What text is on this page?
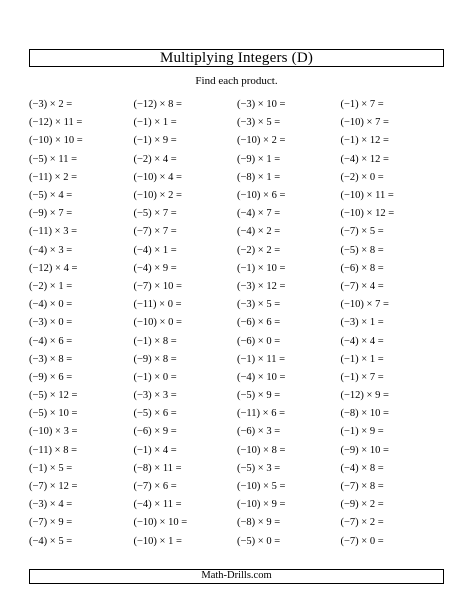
Multiplying Integers (D)
Find each product.
(−3) × 2 =	(−12) × 8 =	(−3) × 10 =	(−1) × 7 =
(−12) × 11 =	(−1) × 1 =	(−3) × 5 =	(−10) × 7 =
(−10) × 10 =	(−1) × 9 =	(−10) × 2 =	(−1) × 12 =
(−5) × 11 =	(−2) × 4 =	(−9) × 1 =	(−4) × 12 =
(−11) × 2 =	(−10) × 4 =	(−8) × 1 =	(−2) × 0 =
(−5) × 4 =	(−10) × 2 =	(−10) × 6 =	(−10) × 11 =
(−9) × 7 =	(−5) × 7 =	(−4) × 7 =	(−10) × 12 =
(−11) × 3 =	(−7) × 7 =	(−4) × 2 =	(−7) × 5 =
(−4) × 3 =	(−4) × 1 =	(−2) × 2 =	(−5) × 8 =
(−12) × 4 =	(−4) × 9 =	(−1) × 10 =	(−6) × 8 =
(−2) × 1 =	(−7) × 10 =	(−3) × 12 =	(−7) × 4 =
(−4) × 0 =	(−11) × 0 =	(−3) × 5 =	(−10) × 7 =
(−3) × 0 =	(−10) × 0 =	(−6) × 6 =	(−3) × 1 =
(−4) × 6 =	(−1) × 8 =	(−6) × 0 =	(−4) × 4 =
(−3) × 8 =	(−9) × 8 =	(−1) × 11 =	(−1) × 1 =
(−9) × 6 =	(−1) × 0 =	(−4) × 10 =	(−1) × 7 =
(−5) × 12 =	(−3) × 3 =	(−5) × 9 =	(−12) × 9 =
(−5) × 10 =	(−5) × 6 =	(−11) × 6 =	(−8) × 10 =
(−10) × 3 =	(−6) × 9 =	(−6) × 3 =	(−1) × 9 =
(−11) × 8 =	(−1) × 4 =	(−10) × 8 =	(−9) × 10 =
(−1) × 5 =	(−8) × 11 =	(−5) × 3 =	(−4) × 8 =
(−7) × 12 =	(−7) × 6 =	(−10) × 5 =	(−7) × 8 =
(−3) × 4 =	(−4) × 11 =	(−10) × 9 =	(−9) × 2 =
(−7) × 9 =	(−10) × 10 =	(−8) × 9 =	(−7) × 2 =
(−4) × 5 =	(−10) × 1 =	(−5) × 0 =	(−7) × 0 =
Math-Drills.com
